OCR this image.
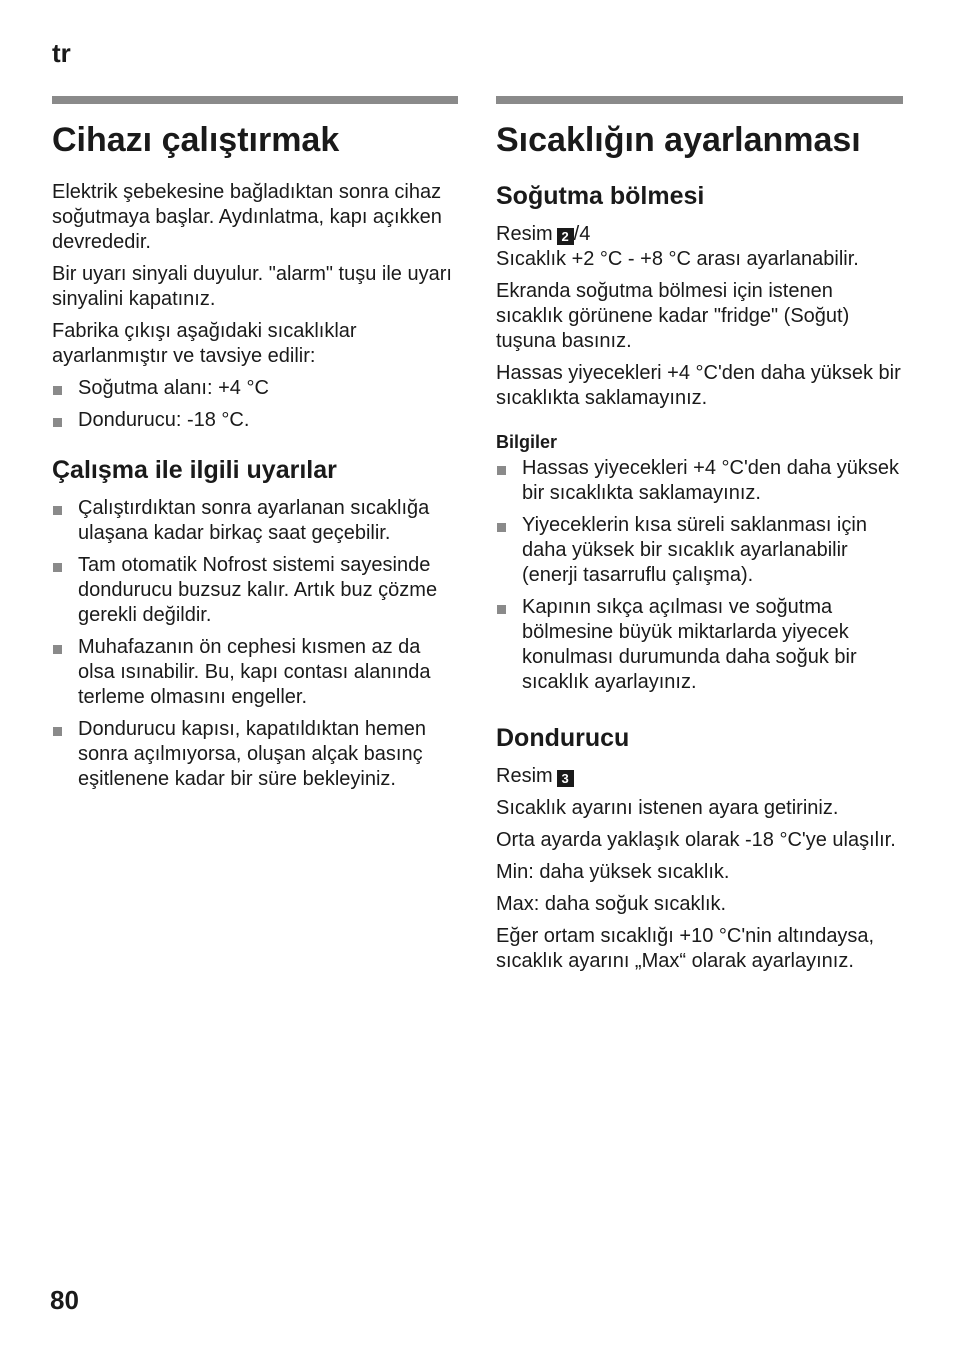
tr
Cihazı çalıştırmak

Elektrik şebekesine bağladıktan sonra cihaz soğutmaya başlar. Aydınlatma, kapı açıkken devrededir.

Bir uyarı sinyali duyulur. "alarm" tuşu ile uyarı sinyalini kapatınız.

Fabrika çıkışı aşağıdaki sıcaklıklar ayarlanmıştır ve tavsiye edilir:

Soğutma alanı: +4 °C
Dondurucu: -18 °C.
Çalışma ile ilgili uyarılar
Çalıştırdıktan sonra ayarlanan sıcaklığa ulaşana kadar birkaç saat geçebilir.
Tam otomatik Nofrost sistemi sayesinde dondurucu buzsuz kalır. Artık buz çözme gerekli değildir.
Muhafazanın ön cephesi kısmen az da olsa ısınabilir. Bu, kapı contası alanında terleme olmasını engeller.
Dondurucu kapısı, kapatıldıktan hemen sonra açılmıyorsa, oluşan alçak basınç eşitlenene kadar bir süre bekleyiniz.
Sıcaklığın ayarlanması
Soğutma bölmesi

Resim 2 /4

Sıcaklık +2 °C - +8 °C arası ayarlanabilir.

Ekranda soğutma bölmesi için istenen sıcaklık görünene kadar "fridge" (Soğut) tuşuna basınız.

Hassas yiyecekleri +4 °C'den daha yüksek bir sıcaklıkta saklamayınız.

Bilgiler
Hassas yiyecekleri +4 °C'den daha yüksek bir sıcaklıkta saklamayınız.
Yiyeceklerin kısa süreli saklanması için daha yüksek bir sıcaklık ayarlanabilir (enerji tasarruflu çalışma).
Kapının sıkça açılması ve soğutma bölmesine büyük miktarlarda yiyecek konulması durumunda daha soğuk bir sıcaklık ayarlayınız.
Dondurucu

Resim 3

Sıcaklık ayarını istenen ayara getiriniz.

Orta ayarda yaklaşık olarak -18 °C'ye ulaşılır.

Min: daha yüksek sıcaklık.

Max: daha soğuk sıcaklık.

Eğer ortam sıcaklığı +10 °C'nin altındaysa, sıcaklık ayarını „Max“ olarak ayarlayınız.

80
